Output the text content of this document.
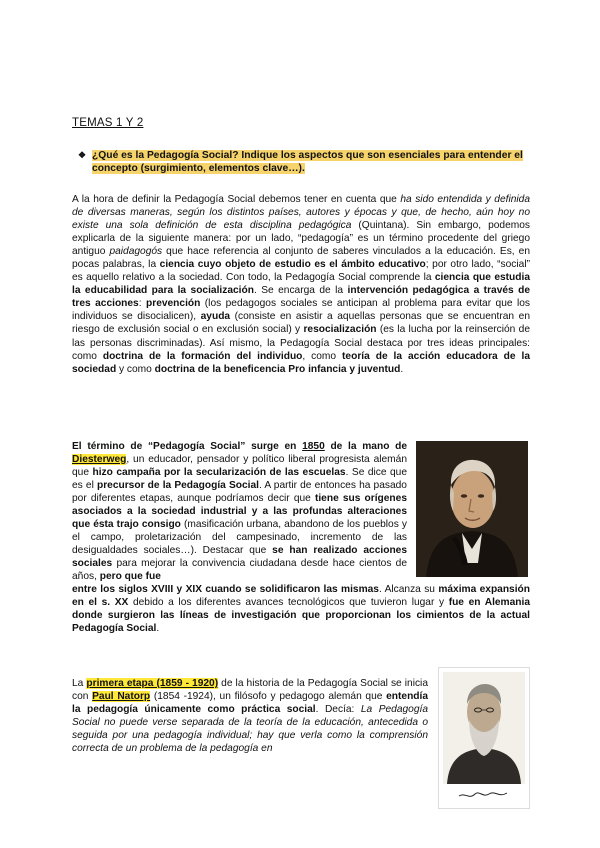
TEMAS 1 Y 2
❖ ¿Qué es la Pedagogía Social? Indique los aspectos que son esenciales para entender el concepto (surgimiento, elementos clave…).
A la hora de definir la Pedagogía Social debemos tener en cuenta que ha sido entendida y definida de diversas maneras, según los distintos países, autores y épocas y que, de hecho, aún hoy no existe una sola definición de esta disciplina pedagógica (Quintana). Sin embargo, podemos explicarla de la siguiente manera: por un lado, “pedagogía” es un término procedente del griego antiguo paidagogós que hace referencia al conjunto de saberes vinculados a la educación. Es, en pocas palabras, la ciencia cuyo objeto de estudio es el ámbito educativo; por otro lado, “social” es aquello relativo a la sociedad. Con todo, la Pedagogía Social comprende la ciencia que estudia la educabilidad para la socialización. Se encarga de la intervención pedagógica a través de tres acciones: prevención (los pedagogos sociales se anticipan al problema para evitar que los individuos se disocialicen), ayuda (consiste en asistir a aquellas personas que se encuentran en riesgo de exclusión social o en exclusión social) y resocialización (es la lucha por la reinserción de las personas discriminadas). Así mismo, la Pedagogía Social destaca por tres ideas principales: como doctrina de la formación del individuo, como teoría de la acción educadora de la sociedad y como doctrina de la beneficencia Pro infancia y juventud.
El término de “Pedagogía Social” surge en 1850 de la mano de Diesterweg, un educador, pensador y político liberal progresista alemán que hizo campaña por la secularización de las escuelas. Se dice que es el precursor de la Pedagogía Social. A partir de entonces ha pasado por diferentes etapas, aunque podríamos decir que tiene sus orígenes asociados a la sociedad industrial y a las profundas alteraciones que ésta trajo consigo (masificación urbana, abandono de los pueblos y el campo, proletarización del campesinado, incremento de las desigualdades sociales…). Destacar que se han realizado acciones sociales para mejorar la convivencia ciudadana desde hace cientos de años, pero que fue
entre los siglos XVIII y XIX cuando se solidificaron las mismas. Alcanza su máxima expansión en el s. XX debido a los diferentes avances tecnológicos que tuvieron lugar y fue en Alemania donde surgieron las líneas de investigación que proporcionan los cimientos de la actual Pedagogía Social.
La primera etapa (1859 - 1920) de la historia de la Pedagogía Social se inicia con Paul Natorp (1854 -1924), un filósofo y pedagogo alemán que entendía la pedagogía únicamente como práctica social. Decía: La Pedagogía Social no puede verse separada de la teoría de la educación, antecedida o seguida por una pedagogía individual; hay que verla como la comprensión correcta de un problema de la pedagogía en
